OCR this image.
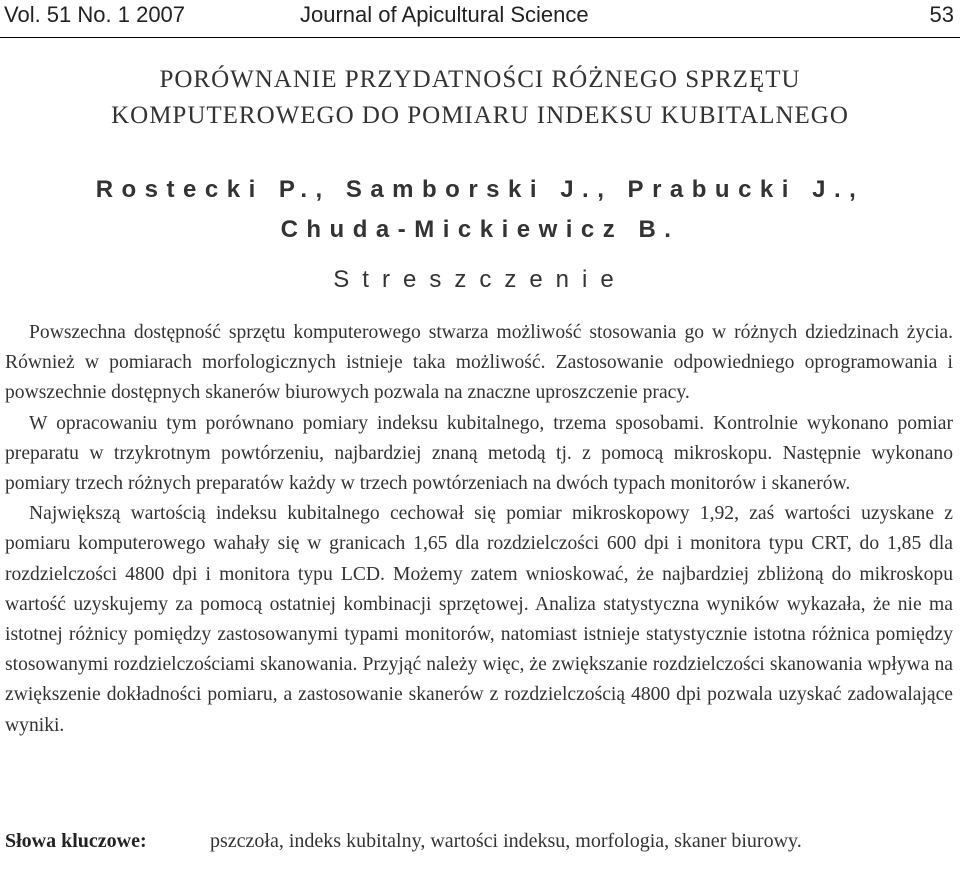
Vol. 51 No. 1 2007	Journal of Apicultural Science	53
PORÓWNANIE PRZYDATNOŚCI RÓŻNEGO SPRZĘTU
KOMPUTEROWEGO DO POMIARU INDEKSU KUBITALNEGO
Rostecki P., Samborski J., Prabucki J.,
Chuda-Mickiewicz B.
Streszczenie

Powszechna dostępność sprzętu komputerowego stwarza możliwość stosowania go w różnych dziedzinach życia. Również w pomiarach morfologicznych istnieje taka możliwość. Zastosowanie odpowiedniego oprogramowania i powszechnie dostępnych skanerów biurowych pozwala na znaczne uproszczenie pracy.

W opracowaniu tym porównano pomiary indeksu kubitalnego, trzema sposobami. Kontrolnie wykonano pomiar preparatu w trzykrotnym powtórzeniu, najbardziej znaną metodą tj. z pomocą mikroskopu. Następnie wykonano pomiary trzech różnych preparatów każdy w trzech powtórzeniach na dwóch typach monitorów i skanerów.

Największą wartością indeksu kubitalnego cechował się pomiar mikroskopowy 1,92, zaś wartości uzyskane z pomiaru komputerowego wahały się w granicach 1,65 dla rozdzielczości 600 dpi i monitora typu CRT, do 1,85 dla rozdzielczości 4800 dpi i monitora typu LCD. Możemy zatem wnioskować, że najbardziej zbliżoną do mikroskopu wartość uzyskujemy za pomocą ostatniej kombinacji sprzętowej. Analiza statystyczna wyników wykazała, że nie ma istotnej różnicy pomiędzy zastosowanymi typami monitorów, natomiast istnieje statystycznie istotna różnica pomiędzy stosowanymi rozdzielczościami skanowania. Przyjąć należy więc, że zwiększanie rozdzielczości skanowania wpływa na zwiększenie dokładności pomiaru, a zastosowanie skanerów z rozdzielczością 4800 dpi pozwala uzyskać zadowalające wyniki.

Słowa kluczowe:	pszczoła, indeks kubitalny, wartości indeksu, morfologia, skaner biurowy.
